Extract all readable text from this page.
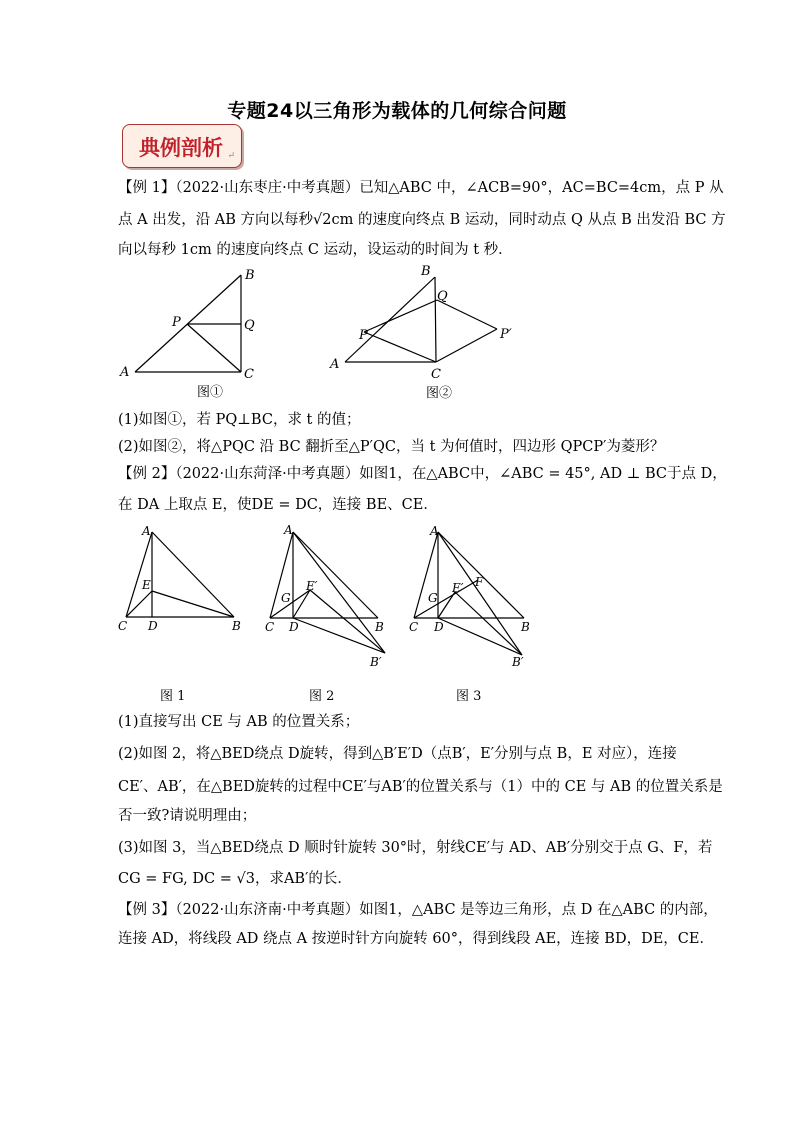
专题24以三角形为载体的几何综合问题
典例剖析 ↵
【例 1】（2022·山东枣庄·中考真题）已知△ABC 中，∠ACB=90°，AC=BC=4cm，点 P 从
点 A 出发，沿 AB 方向以每秒√2cm 的速度向终点 B 运动，同时动点 Q 从点 B 出发沿 BC 方
向以每秒 1cm 的速度向终点 C 运动，设运动的时间为 t 秒．
A
B
C
P	Q
图①
A
B
C
P
Q
P′
图②
(1)如图①，若 PQ⊥BC，求 t 的值；
(2)如图②，将△PQC 沿 BC 翻折至△P′QC，当 t 为何值时，四边形 QPCP′为菱形？
【例 2】（2022·山东菏泽·中考真题）如图1，在△ABC中，∠ABC = 45°, AD ⊥ BC于点 D，
在 DA 上取点 E，使DE = DC，连接 BE、CE．
A
E
C D	B
图 1
A
E′
G
C D	B
B′
图 2
A
E′ F
G
C D	B
B′
图 3
(1)直接写出 CE 与 AB 的位置关系；
(2)如图 2，将△BED绕点 D旋转，得到△B′E′D（点B′，E′分别与点 B，E 对应），连接
CE′、AB′，在△BED旋转的过程中CE′与AB′的位置关系与（1）中的 CE 与 AB 的位置关系是
否一致?请说明理由；
(3)如图 3，当△BED绕点 D 顺时针旋转 30°时，射线CE′与 AD、AB′分别交于点 G、F，若
CG = FG, DC = √3，求AB′的长．
【例 3】（2022·山东济南·中考真题）如图1，△ABC 是等边三角形，点 D 在△ABC 的内部，
连接 AD，将线段 AD 绕点 A 按逆时针方向旋转 60°，得到线段 AE，连接 BD，DE，CE．
